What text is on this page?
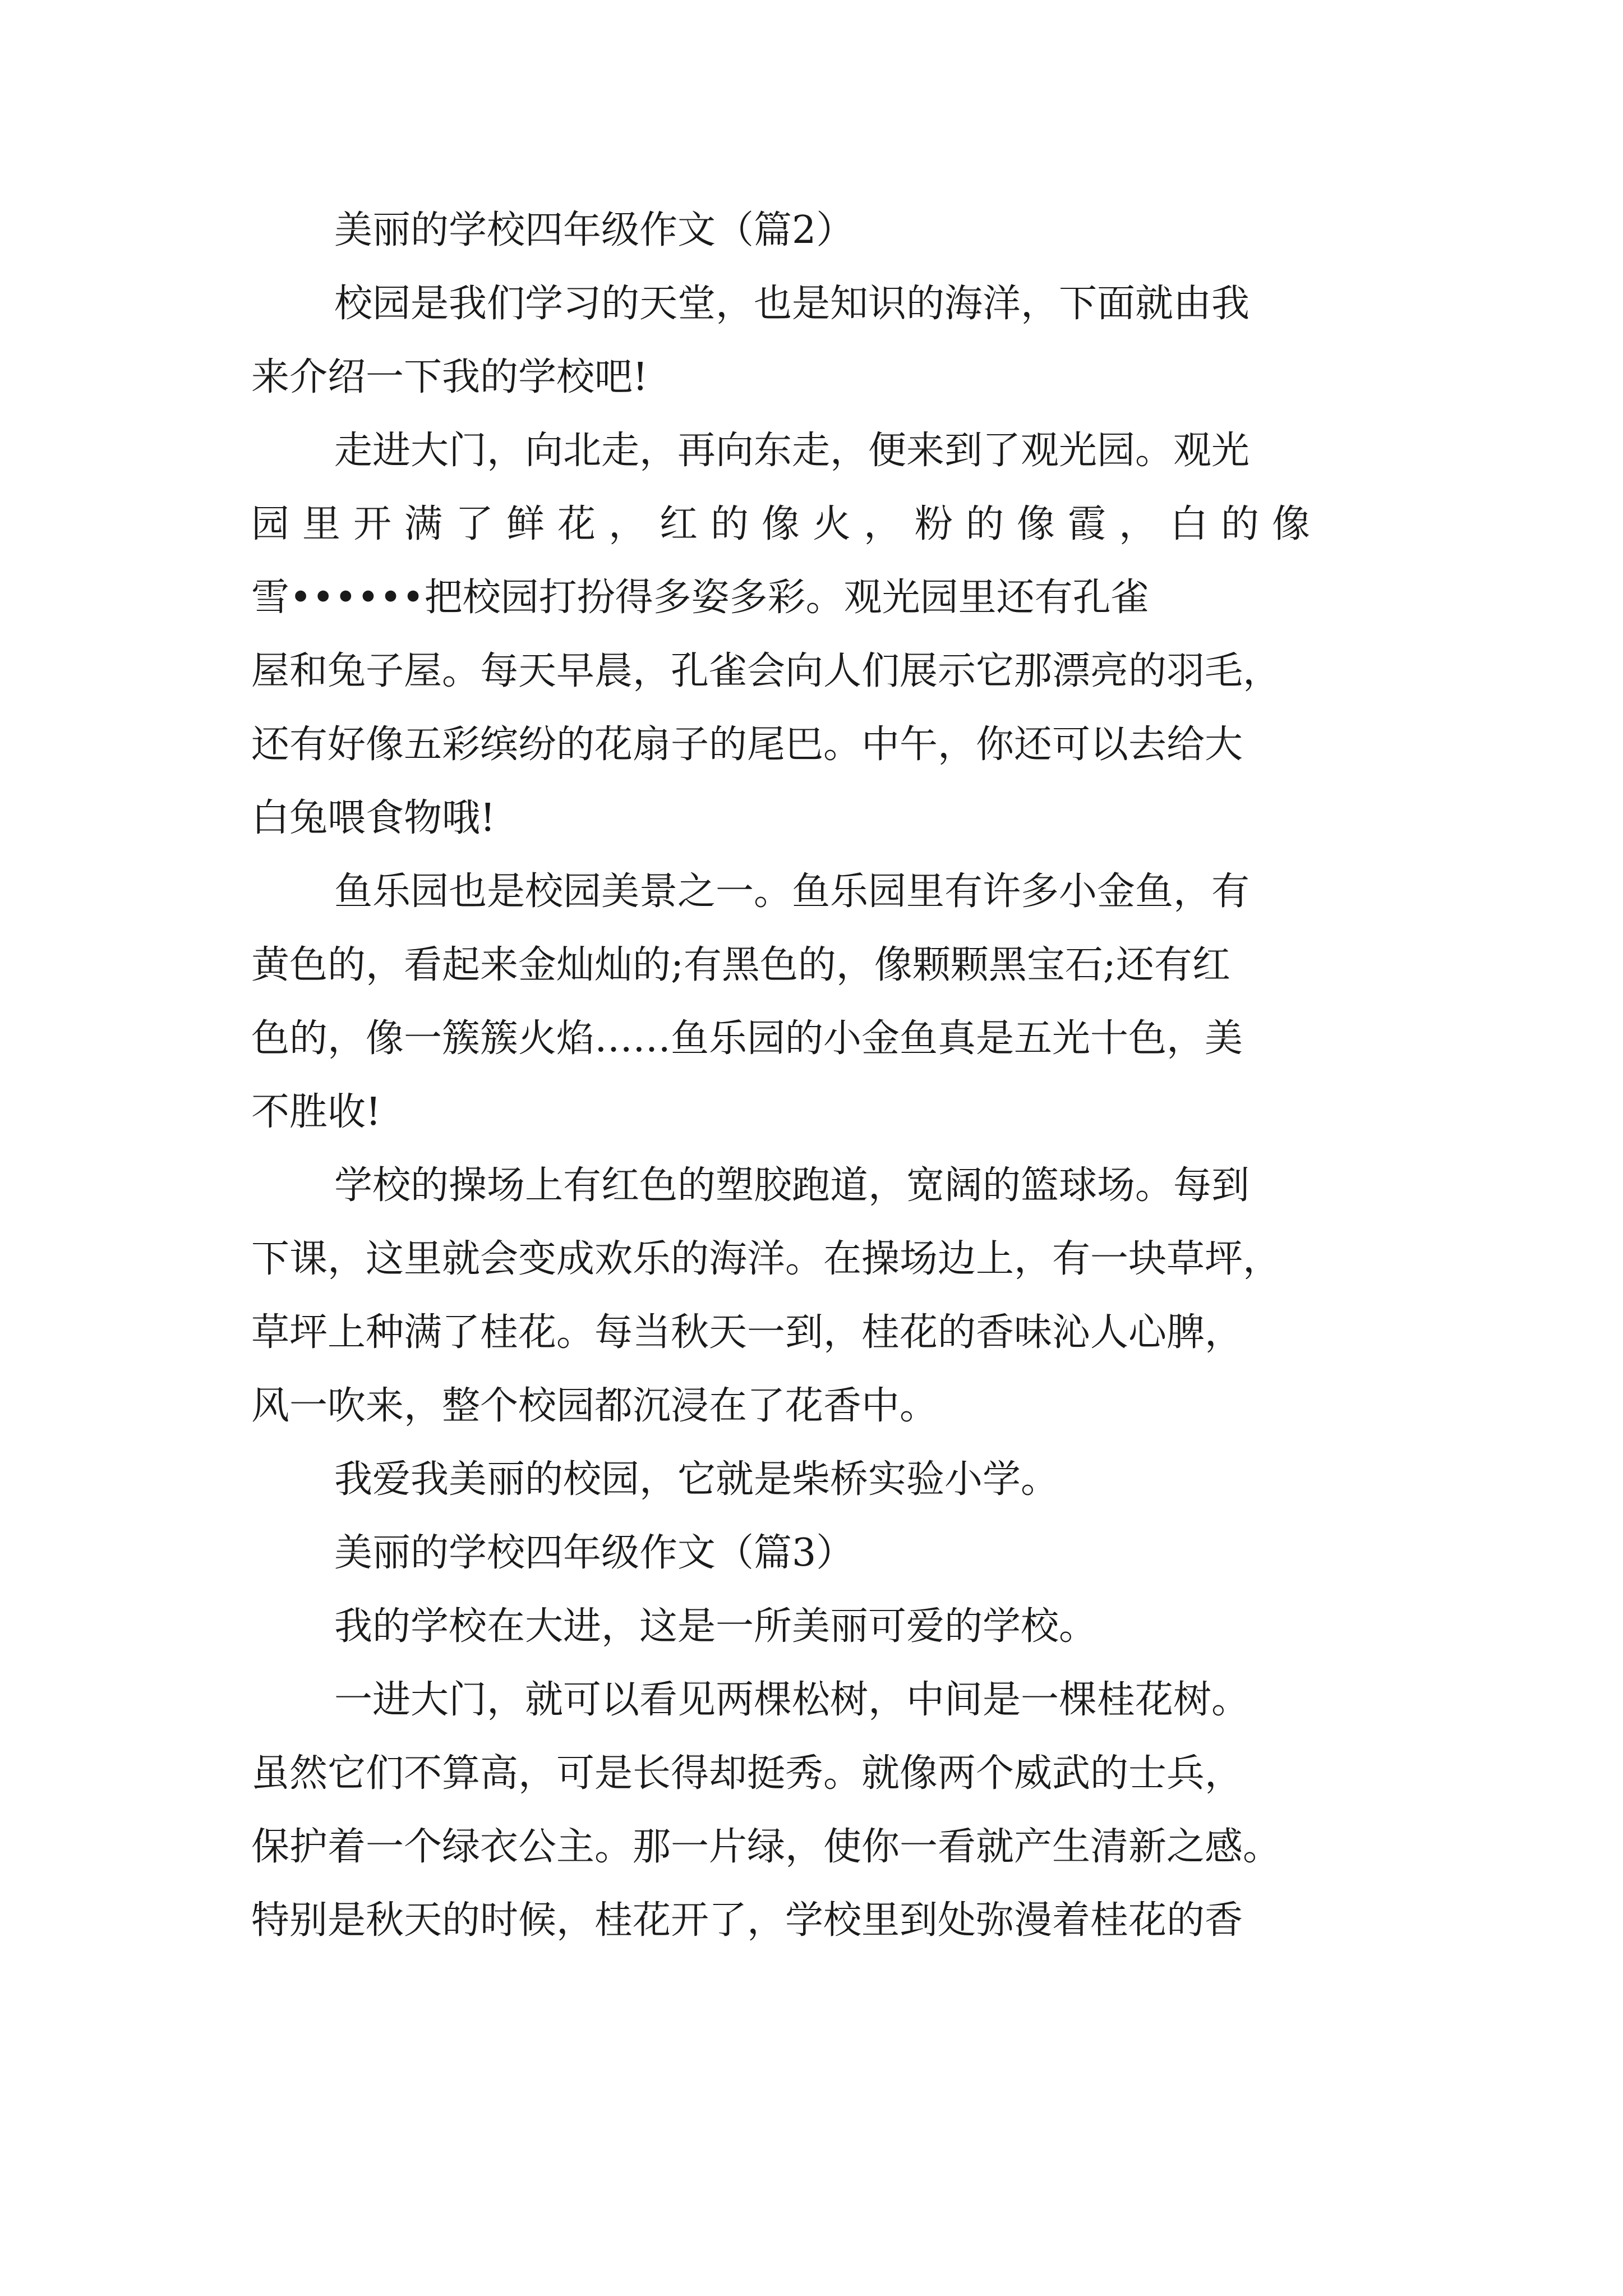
美丽的学校四年级作文（篇2）
校园是我们学习的天堂，也是知识的海洋，下面就由我
来介绍一下我的学校吧!
走进大门，向北走，再向东走，便来到了观光园。观光
园里开满了鲜花，红的像火，粉的像霞，白的像
雪••••••把校园打扮得多姿多彩。观光园里还有孔雀
屋和兔子屋。每天早晨，孔雀会向人们展示它那漂亮的羽毛，
还有好像五彩缤纷的花扇子的尾巴。中午，你还可以去给大
白兔喂食物哦!
鱼乐园也是校园美景之一。鱼乐园里有许多小金鱼，有
黄色的，看起来金灿灿的;有黑色的，像颗颗黑宝石;还有红
色的，像一簇簇火焰……鱼乐园的小金鱼真是五光十色，美
不胜收!
学校的操场上有红色的塑胶跑道，宽阔的篮球场。每到
下课，这里就会变成欢乐的海洋。在操场边上，有一块草坪，
草坪上种满了桂花。每当秋天一到，桂花的香味沁人心脾，
风一吹来，整个校园都沉浸在了花香中。
我爱我美丽的校园，它就是柴桥实验小学。
美丽的学校四年级作文（篇3）
我的学校在大进，这是一所美丽可爱的学校。
一进大门，就可以看见两棵松树，中间是一棵桂花树。
虽然它们不算高，可是长得却挺秀。就像两个威武的士兵，
保护着一个绿衣公主。那一片绿，使你一看就产生清新之感。
特别是秋天的时候，桂花开了，学校里到处弥漫着桂花的香
